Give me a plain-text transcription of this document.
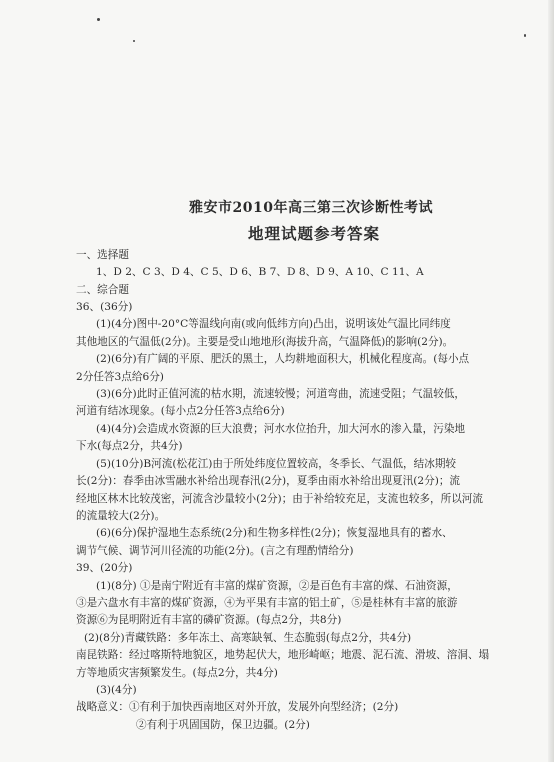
雅安市2010年高三第三次诊断性考试
地理试题参考答案
一、选择题
1、D 2、C 3、D 4、C 5、D 6、B 7、D 8、D 9、A 10、C 11、A
二、综合题
36、(36分)
(1)(4分)图中-20°C等温线向南(或向低纬方向)凸出，说明该处气温比同纬度
其他地区的气温低(2分)。主要是受山地地形(海拔升高，气温降低)的影响(2分)。
(2)(6分)有广阔的平原、肥沃的黑土，人均耕地面积大，机械化程度高。(每小点
2分任答3点给6分)
(3)(6分)此时正值河流的枯水期，流速较慢；河道弯曲，流速受阻；气温较低，
河道有结冰现象。(每小点2分任答3点给6分)
(4)(4分)会造成水资源的巨大浪费；河水水位抬升，加大河水的渗入量，污染地
下水(每点2分，共4分)
(5)(10分)B河流(松花江)由于所处纬度位置较高，冬季长、气温低，结冰期较
长(2分)：春季由冰雪融水补给出现春汛(2分)，夏季由雨水补给出现夏汛(2分)；流
经地区林木比较茂密，河流含沙量较小(2分)；由于补给较充足，支流也较多，所以河流
的流量较大(2分)。
(6)(6分)保护湿地生态系统(2分)和生物多样性(2分)；恢复湿地具有的蓄水、
调节气候、调节河川径流的功能(2分)。(言之有理酌情给分)
39、(20分)
(1)(8分) ①是南宁附近有丰富的煤矿资源，②是百色有丰富的煤、石油资源，
③是六盘水有丰富的煤矿资源，④为平果有丰富的铝土矿，⑤是桂林有丰富的旅游
资源⑥为昆明附近有丰富的磷矿资源。(每点2分，共8分)
(2)(8分)青藏铁路：多年冻土、高寒缺氧、生态脆弱(每点2分，共4分)
南昆铁路：经过喀斯特地貌区，地势起伏大，地形崎岖；地震、泥石流、滑坡、溶洞、塌
方等地质灾害频繁发生。(每点2分，共4分)
(3)(4分)
战略意义：①有利于加快西南地区对外开放，发展外向型经济；(2分)
②有利于巩固国防，保卫边疆。(2分)
